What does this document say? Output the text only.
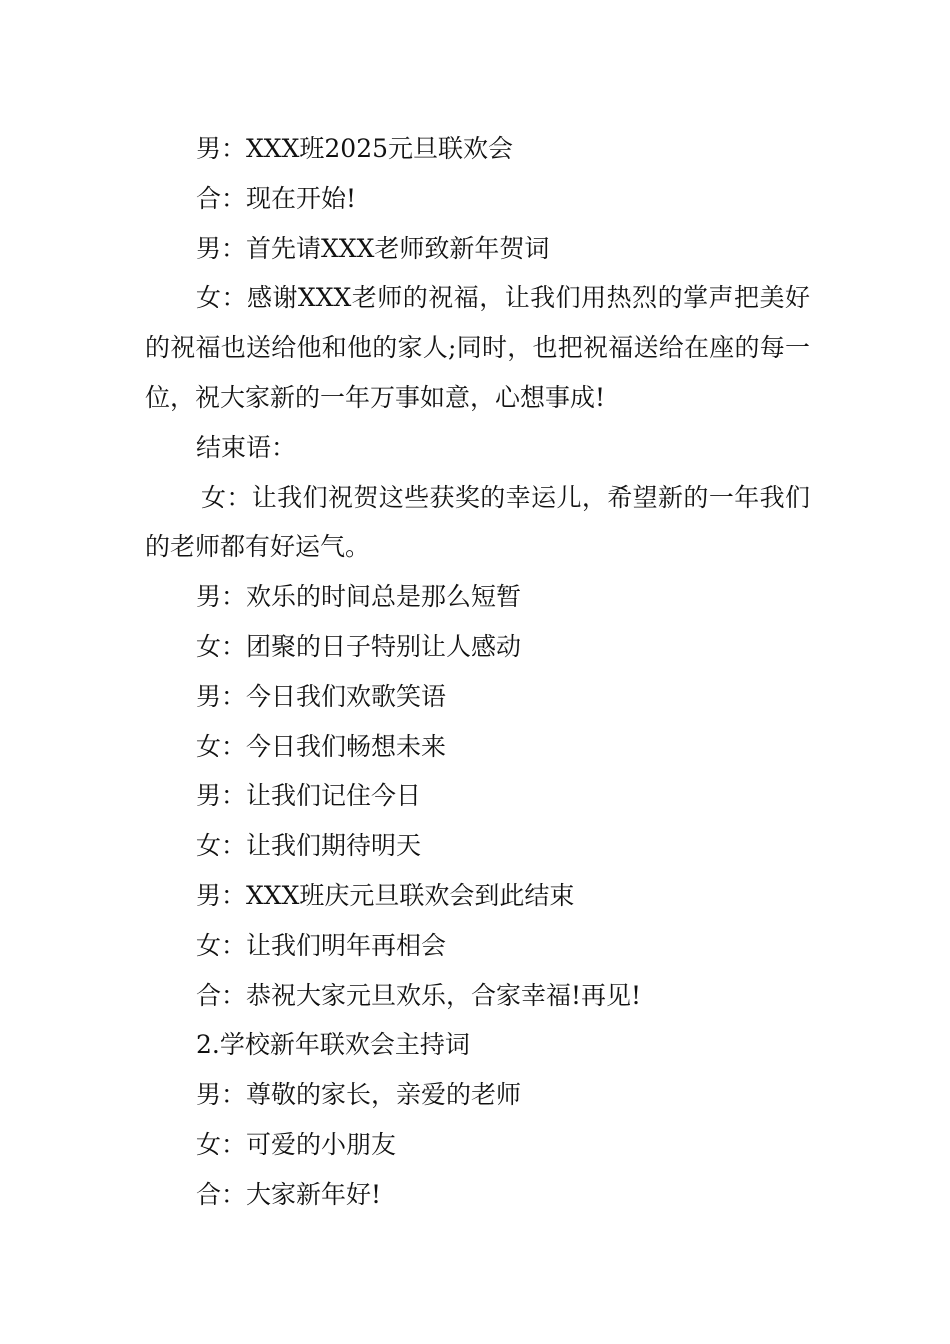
男：XXX班2025元旦联欢会

合：现在开始!

男：首先请XXX老师致新年贺词

女：感谢XXX老师的祝福，让我们用热烈的掌声把美好的祝福也送给他和他的家人;同时，也把祝福送给在座的每一位，祝大家新的一年万事如意，心想事成!

结束语：

女：让我们祝贺这些获奖的幸运儿，希望新的一年我们的老师都有好运气。

男：欢乐的时间总是那么短暂

女：团聚的日子特别让人感动

男：今日我们欢歌笑语

女：今日我们畅想未来

男：让我们记住今日

女：让我们期待明天

男：XXX班庆元旦联欢会到此结束

女：让我们明年再相会

合：恭祝大家元旦欢乐，合家幸福!再见!

2.学校新年联欢会主持词

男：尊敬的家长，亲爱的老师

女：可爱的小朋友

合：大家新年好!
